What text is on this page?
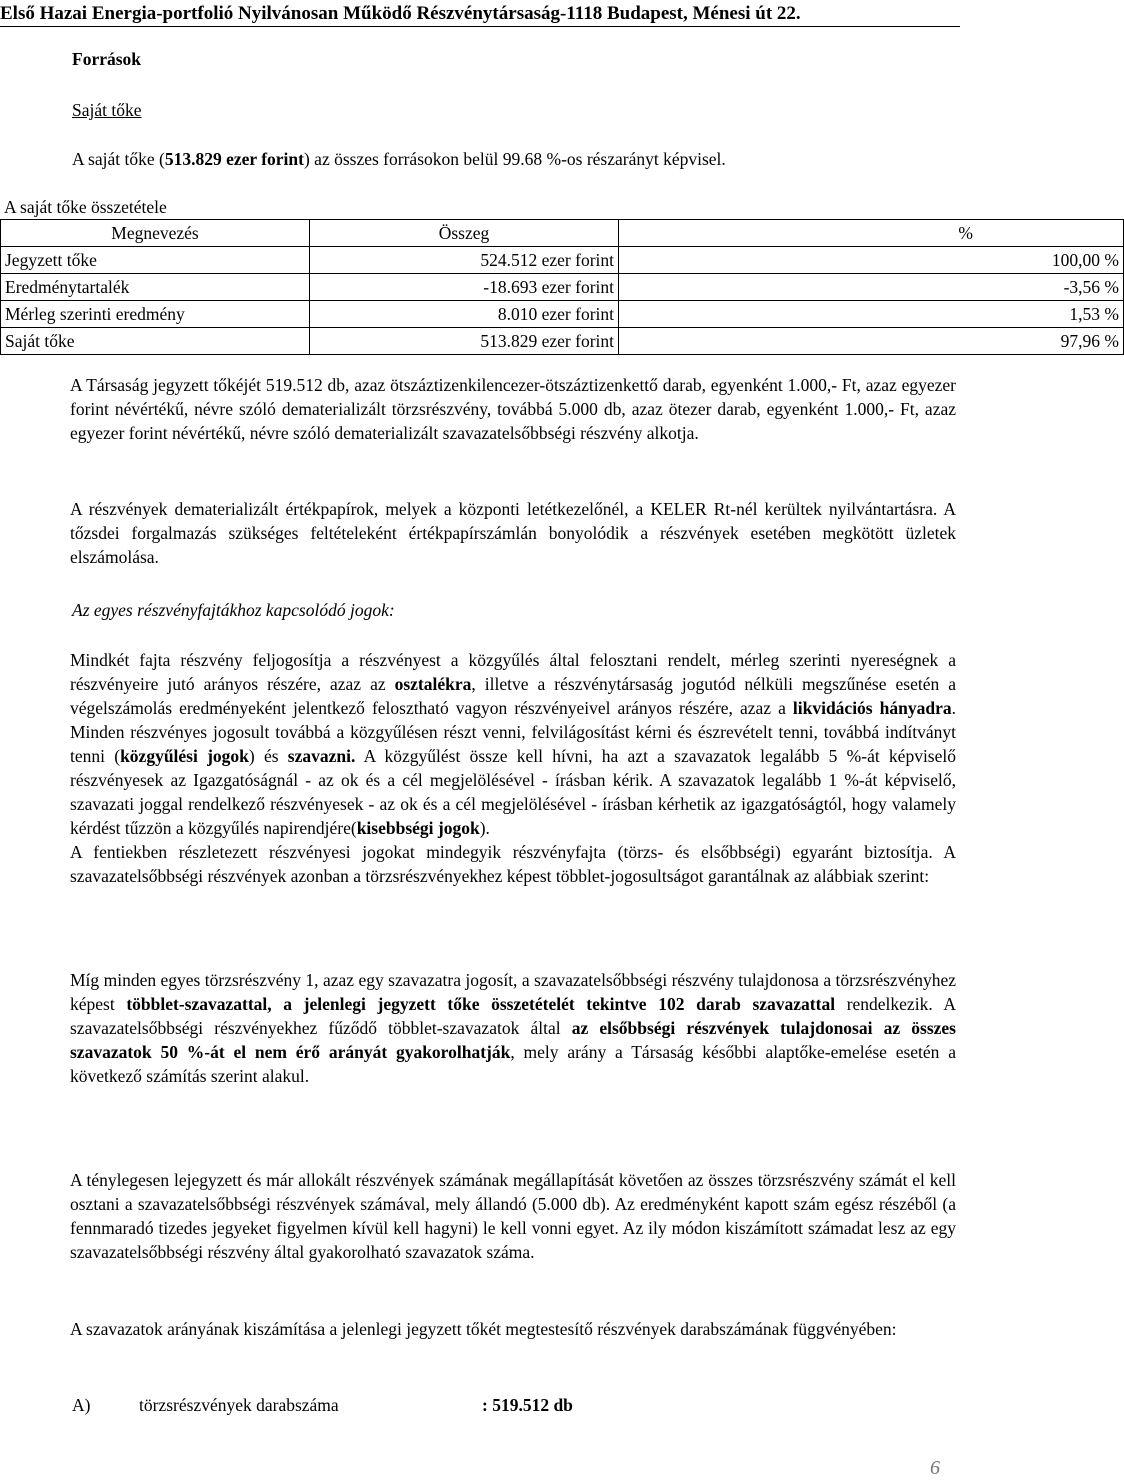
Első Hazai Energia-portfolió Nyilvánosan Működő Részvénytársaság-1118 Budapest, Ménesi út 22.
Források
Saját tőke
A saját tőke (513.829 ezer forint) az összes forrásokon belül 99.68 %-os részarányt képvisel.
A saját tőke összetétele
Megnevezés	Összeg	%
Jegyzett tőke	524.512 ezer forint	100,00 %
Eredménytartalék	-18.693 ezer forint	-3,56 %
Mérleg szerinti eredmény	8.010 ezer forint	1,53 %
Saját tőke	513.829 ezer forint	97,96 %

A Társaság jegyzett tőkéjét 519.512 db, azaz ötszáztizenkilencezer-ötszáztizenkettő darab, egyenként 1.000,- Ft, azaz egyezer forint névértékű, névre szóló dematerializált törzsrészvény, továbbá 5.000 db, azaz ötezer darab, egyenként 1.000,- Ft, azaz egyezer forint névértékű, névre szóló dematerializált szavazatelsőbbségi részvény alkotja.

A részvények dematerializált értékpapírok, melyek a központi letétkezelőnél, a KELER Rt-nél kerültek nyilvántartásra. A tőzsdei forgalmazás szükséges feltételeként értékpapírszámlán bonyolódik a részvények esetében megkötött üzletek elszámolása.

Az egyes részvényfajtákhoz kapcsolódó jogok:

Mindkét fajta részvény feljogosítja a részvényest a közgyűlés által felosztani rendelt, mérleg szerinti nyereségnek a részvényeire jutó arányos részére, azaz az osztalékra, illetve a részvénytársaság jogutód nélküli megszűnése esetén a végelszámolás eredményeként jelentkező felosztható vagyon részvényeivel arányos részére, azaz a likvidációs hányadra. Minden részvényes jogosult továbbá a közgyűlésen részt venni, felvilágosítást kérni és észrevételt tenni, továbbá indítványt tenni (közgyűlési jogok) és szavazni. A közgyűlést össze kell hívni, ha azt a szavazatok legalább 5 %-át képviselő részvényesek az Igazgatóságnál - az ok és a cél megjelölésével - írásban kérik. A szavazatok legalább 1 %-át képviselő, szavazati joggal rendelkező részvényesek - az ok és a cél megjelölésével - írásban kérhetik az igazgatóságtól, hogy valamely kérdést tűzzön a közgyűlés napirendjére(kisebbségi jogok).

A fentiekben részletezett részvényesi jogokat mindegyik részvényfajta (törzs- és elsőbbségi) egyaránt biztosítja. A szavazatelsőbbségi részvények azonban a törzsrészvényekhez képest többlet-jogosultságot garantálnak az alábbiak szerint:

Míg minden egyes törzsrészvény 1, azaz egy szavazatra jogosít, a szavazatelsőbbségi részvény tulajdonosa a törzsrészvényhez képest többlet-szavazattal, a jelenlegi jegyzett tőke összetételét tekintve 102 darab szavazattal rendelkezik. A szavazatelsőbbségi részvényekhez fűződő többlet-szavazatok által az elsőbbségi részvények tulajdonosai az összes szavazatok 50 %-át el nem érő arányát gyakorolhatják, mely arány a Társaság későbbi alaptőke-emelése esetén a következő számítás szerint alakul.

A ténylegesen lejegyzett és már allokált részvények számának megállapítását követően az összes törzsrészvény számát el kell osztani a szavazatelsőbbségi részvények számával, mely állandó (5.000 db). Az eredményként kapott szám egész részéből (a fennmaradó tizedes jegyeket figyelmen kívül kell hagyni) le kell vonni egyet. Az ily módon kiszámított számadat lesz az egy szavazatelsőbbségi részvény által gyakorolható szavazatok száma.

A szavazatok arányának kiszámítása a jelenlegi jegyzett tőkét megtestesítő részvények darabszámának függvényében:

A)	törzsrészvények darabszáma	: 519.512 db
6
